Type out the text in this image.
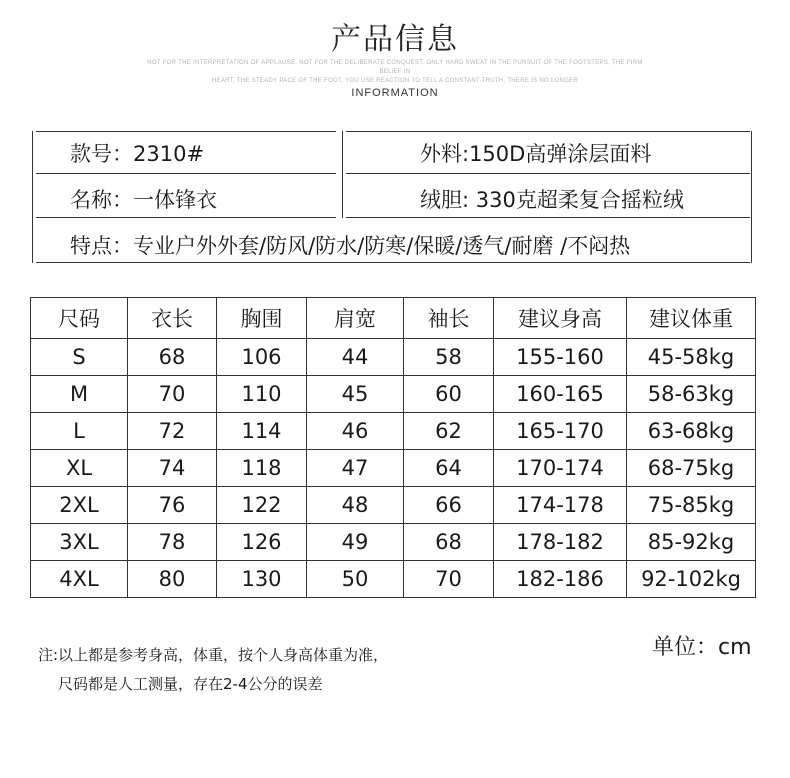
产品信息
NOT FOR THE INTERPRETATION OF APPLAUSE, NOT FOR THE DELIBERATE CONQUEST, ONLY HARD SWEAT IN THE PURSUIT OF THE FOOTSTEPS, THE FIRM BELIEF IN
HEART, THE STEADY PACE OF THE FOOT, YOU USE REACTION TO TELL A CONSTANT TRUTH, THERE IS NO LONGER
INFORMATION
款号：2310#	外料:150D高弹涂层面料
名称：一体锋衣	绒胆: 330克超柔复合摇粒绒
特点：专业户外外套/防风/防水/防寒/保暖/透气/耐磨 /不闷热
尺码	衣长	胸围	肩宽	袖长	建议身高	建议体重
S	68	106	44	58	155-160	45-58kg
M	70	110	45	60	160-165	58-63kg
L	72	114	46	62	165-170	63-68kg
XL	74	118	47	64	170-174	68-75kg
2XL	76	122	48	66	174-178	75-85kg
3XL	78	126	49	68	178-182	85-92kg
4XL	80	130	50	70	182-186	92-102kg
注:以上都是参考身高，体重，按个人身高体重为准，
尺码都是人工测量，存在2-4公分的误差
单位：cm
